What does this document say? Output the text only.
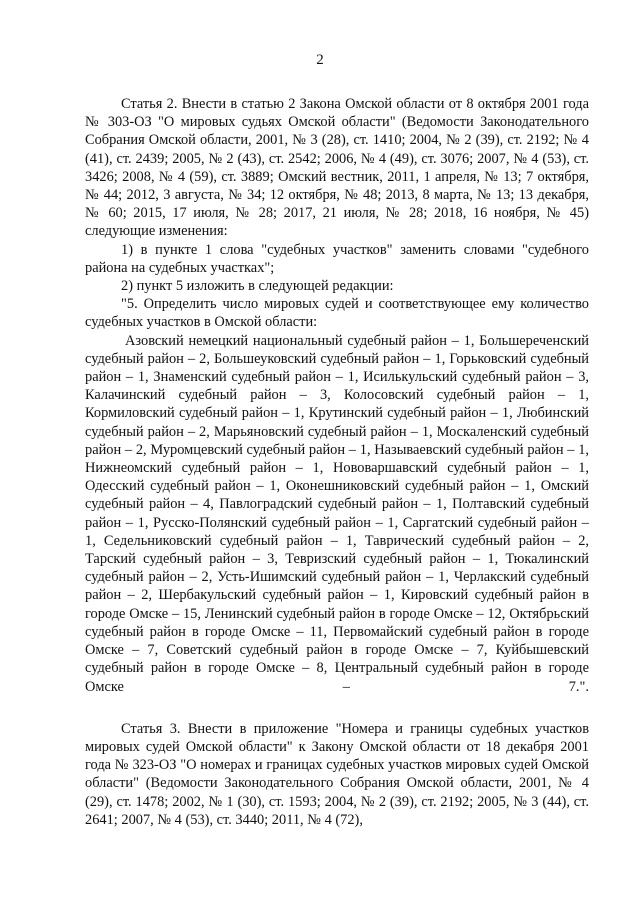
2

Статья 2. Внести в статью 2 Закона Омской области от 8 октября 2001 года № 303-ОЗ "О мировых судьях Омской области" (Ведомости Законодательного Собрания Омской области, 2001, № 3 (28), ст. 1410; 2004, № 2 (39), ст. 2192; № 4 (41), ст. 2439; 2005, № 2 (43), ст. 2542; 2006, № 4 (49), ст. 3076; 2007, № 4 (53), ст. 3426; 2008, № 4 (59), ст. 3889; Омский вестник, 2011, 1 апреля, № 13; 7 октября, № 44; 2012, 3 августа, № 34; 12 октября, № 48; 2013, 8 марта, № 13; 13 декабря, № 60; 2015, 17 июля, № 28; 2017, 21 июля, № 28; 2018, 16 ноября, № 45) следующие изменения:

1) в пункте 1 слова "судебных участков" заменить словами "судебного района на судебных участках";

2) пункт 5 изложить в следующей редакции:

"5. Определить число мировых судей и соответствующее ему количество судебных участков в Омской области:

Азовский немецкий национальный судебный район – 1, Большереченский судебный район – 2, Большеуковский судебный район – 1, Горьковский судебный район – 1, Знаменский судебный район – 1, Исилькульский судебный район – 3, Калачинский судебный район – 3, Колосовский судебный район – 1, Кормиловский судебный район – 1, Крутинский судебный район – 1, Любинский судебный район – 2, Марьяновский судебный район – 1, Москаленский судебный район – 2, Муромцевский судебный район – 1, Называевский судебный район – 1, Нижнеомский судебный район – 1, Нововаршавский судебный район – 1, Одесский судебный район – 1, Оконешниковский судебный район – 1, Омский судебный район – 4, Павлоградский судебный район – 1, Полтавский судебный район – 1, Русско-Полянский судебный район – 1, Саргатский судебный район – 1, Седельниковский судебный район – 1, Таврический судебный район – 2, Тарский судебный район – 3, Тевризский судебный район – 1, Тюкалинский судебный район – 2, Усть-Ишимский судебный район – 1, Черлакский судебный район – 2, Шербакульский судебный район – 1, Кировский судебный район в городе Омске – 15, Ленинский судебный район в городе Омске – 12, Октябрьский судебный район в городе Омске – 11, Первомайский судебный район в городе Омске – 7, Советский судебный район в городе Омске – 7, Куйбышевский судебный район в городе Омске – 8, Центральный судебный район в городе Омске – 7.".

Статья 3. Внести в приложение "Номера и границы судебных участков мировых судей Омской области" к Закону Омской области от 18 декабря 2001 года № 323-ОЗ "О номерах и границах судебных участков мировых судей Омской области" (Ведомости Законодательного Собрания Омской области, 2001, № 4 (29), ст. 1478; 2002, № 1 (30), ст. 1593; 2004, № 2 (39), ст. 2192; 2005, № 3 (44), ст. 2641; 2007, № 4 (53), ст. 3440; 2011, № 4 (72),
